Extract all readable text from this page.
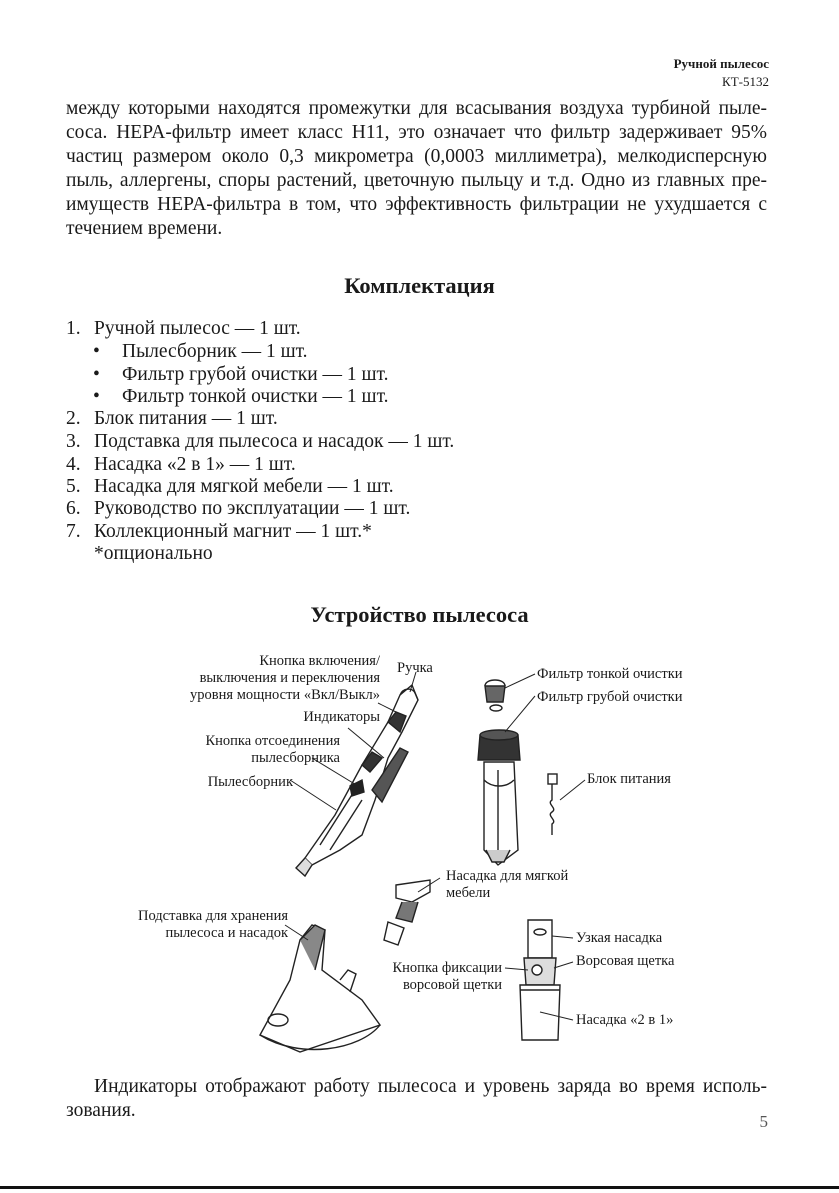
Ручной пылесос
КТ-5132
между которыми находятся промежутки для всасывания воздуха турбиной пыле-
соса. HEPA-фильтр имеет класс H11, это означает что фильтр задерживает 95%
частиц размером около 0,3 микрометра (0,0003 миллиметра), мелкодисперсную
пыль, аллергены, споры растений, цветочную пыльцу и т.д. Одно из главных пре-
имуществ HEPA-фильтра в том, что эффективность фильтрации не ухудшается с
течением времени.
Комплектация
1. Ручной пылесос — 1 шт.
• Пылесборник — 1 шт.
• Фильтр грубой очистки — 1 шт.
• Фильтр тонкой очистки — 1 шт.
2. Блок питания — 1 шт.
3. Подставка для пылесоса и насадок — 1 шт.
4. Насадка «2 в 1» — 1 шт.
5. Насадка для мягкой мебели — 1 шт.
6. Руководство по эксплуатации — 1 шт.
7. Коллекционный магнит — 1 шт.*
*опционально
Устройство пылесоса
Кнопка включения/
выключения и переключения
уровня мощности «Вкл/Выкл»
Ручка
Индикаторы
Кнопка отсоединения
пылесборника
Пылесборник
Фильтр тонкой очистки
Фильтр грубой очистки
Блок питания
Насадка для мягкой
мебели
Подставка для хранения
пылесоса и насадок	Узкая насадка
Ворсовая щетка
Кнопка фиксации
ворсовой щетки
Насадка «2 в 1»
Индикаторы отображают работу пылесоса и уровень заряда во время исполь-
зования.
5
